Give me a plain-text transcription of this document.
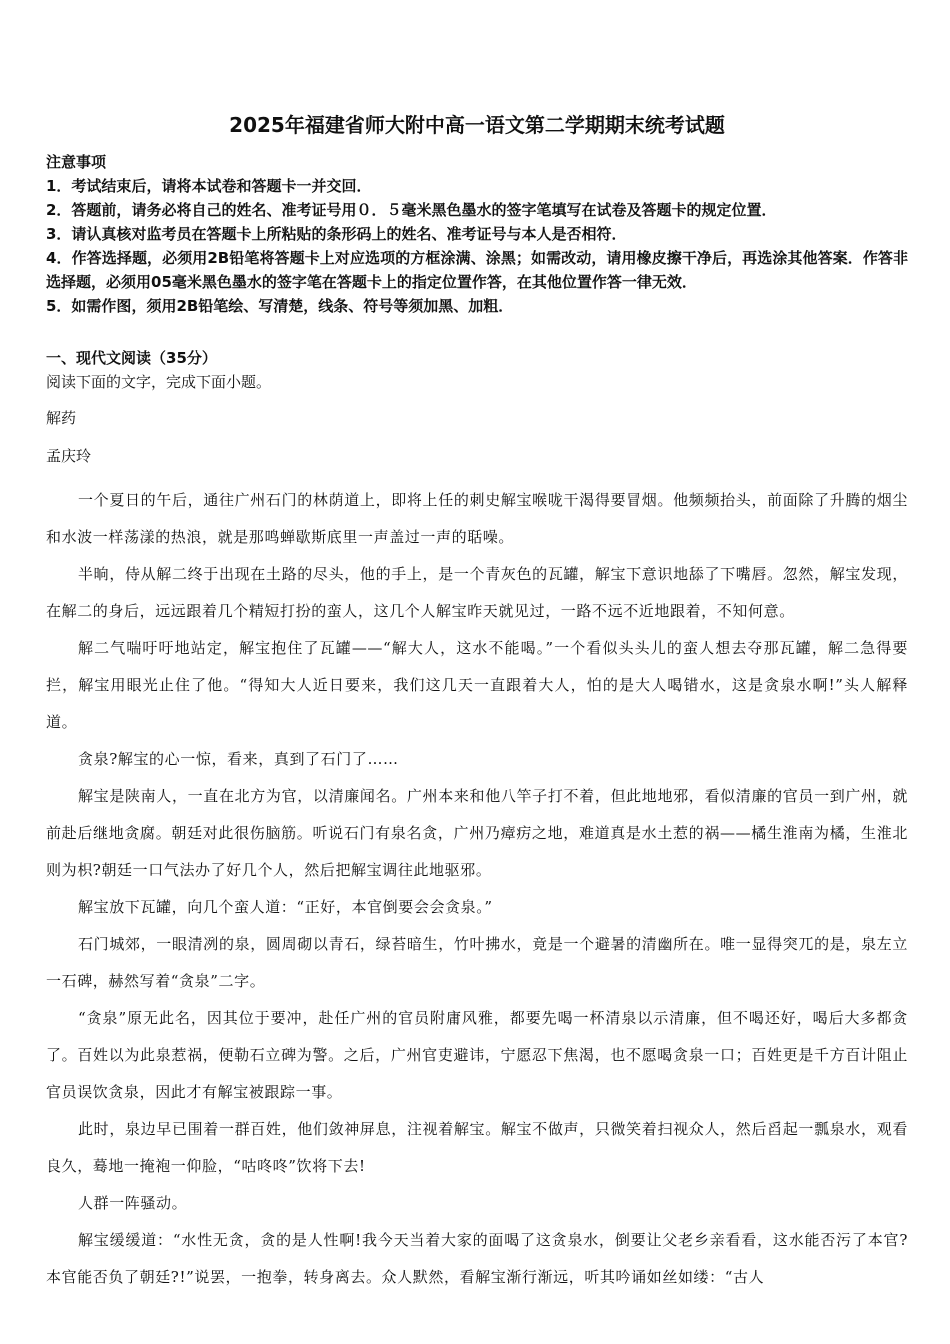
2025年福建省师大附中高一语文第二学期期末统考试题

注意事项

1．考试结束后，请将本试卷和答题卡一并交回．
2．答题前，请务必将自己的姓名、准考证号用０．５毫米黑色墨水的签字笔填写在试卷及答题卡的规定位置．
3．请认真核对监考员在答题卡上所粘贴的条形码上的姓名、准考证号与本人是否相符．
4．作答选择题，必须用2B铅笔将答题卡上对应选项的方框涂满、涂黑；如需改动，请用橡皮擦干净后，再选涂其他答案．作答非选择题，必须用05毫米黑色墨水的签字笔在答题卡上的指定位置作答，在其他位置作答一律无效．
5．如需作图，须用2B铅笔绘、写清楚，线条、符号等须加黑、加粗．

一、现代文阅读（35分）

阅读下面的文字，完成下面小题。

解药

孟庆玲

一个夏日的午后，通往广州石门的林荫道上，即将上任的刺史解宝喉咙干渴得要冒烟。他频频抬头，前面除了升腾的烟尘和水波一样荡漾的热浪，就是那鸣蝉歇斯底里一声盖过一声的聒噪。

半晌，侍从解二终于出现在土路的尽头，他的手上，是一个青灰色的瓦罐，解宝下意识地舔了下嘴唇。忽然，解宝发现，在解二的身后，远远跟着几个精短打扮的蛮人，这几个人解宝昨天就见过，一路不远不近地跟着，不知何意。

解二气喘吁吁地站定，解宝抱住了瓦罐——“解大人，这水不能喝。”一个看似头头儿的蛮人想去夺那瓦罐，解二急得要拦，解宝用眼光止住了他。“得知大人近日要来，我们这几天一直跟着大人，怕的是大人喝错水，这是贪泉水啊!”头人解释道。

贪泉?解宝的心一惊，看来，真到了石门了……

解宝是陕南人，一直在北方为官，以清廉闻名。广州本来和他八竿子打不着，但此地地邪，看似清廉的官员一到广州，就前赴后继地贪腐。朝廷对此很伤脑筋。听说石门有泉名贪，广州乃瘴疠之地，难道真是水土惹的祸——橘生淮南为橘，生淮北则为枳?朝廷一口气法办了好几个人，然后把解宝调往此地驱邪。

解宝放下瓦罐，向几个蛮人道：“正好，本官倒要会会贪泉。”

石门城郊，一眼清冽的泉，圆周砌以青石，绿苔暗生，竹叶拂水，竟是一个避暑的清幽所在。唯一显得突兀的是，泉左立一石碑，赫然写着“贪泉”二字。

“贪泉”原无此名，因其位于要冲，赴任广州的官员附庸风雅，都要先喝一杯清泉以示清廉，但不喝还好，喝后大多都贪了。百姓以为此泉惹祸，便勒石立碑为警。之后，广州官吏避讳，宁愿忍下焦渴，也不愿喝贪泉一口；百姓更是千方百计阻止官员误饮贪泉，因此才有解宝被跟踪一事。

此时，泉边早已围着一群百姓，他们敛神屏息，注视着解宝。解宝不做声，只微笑着扫视众人，然后舀起一瓢泉水，观看良久，蓦地一掩袍一仰脸，“咕咚咚”饮将下去!

人群一阵骚动。

解宝缓缓道：“水性无贪，贪的是人性啊!我今天当着大家的面喝了这贪泉水，倒要让父老乡亲看看，这水能否污了本官?本官能否负了朝廷?!”说罢，一抱拳，转身离去。众人默然，看解宝渐行渐远，听其吟诵如丝如缕：“古人
